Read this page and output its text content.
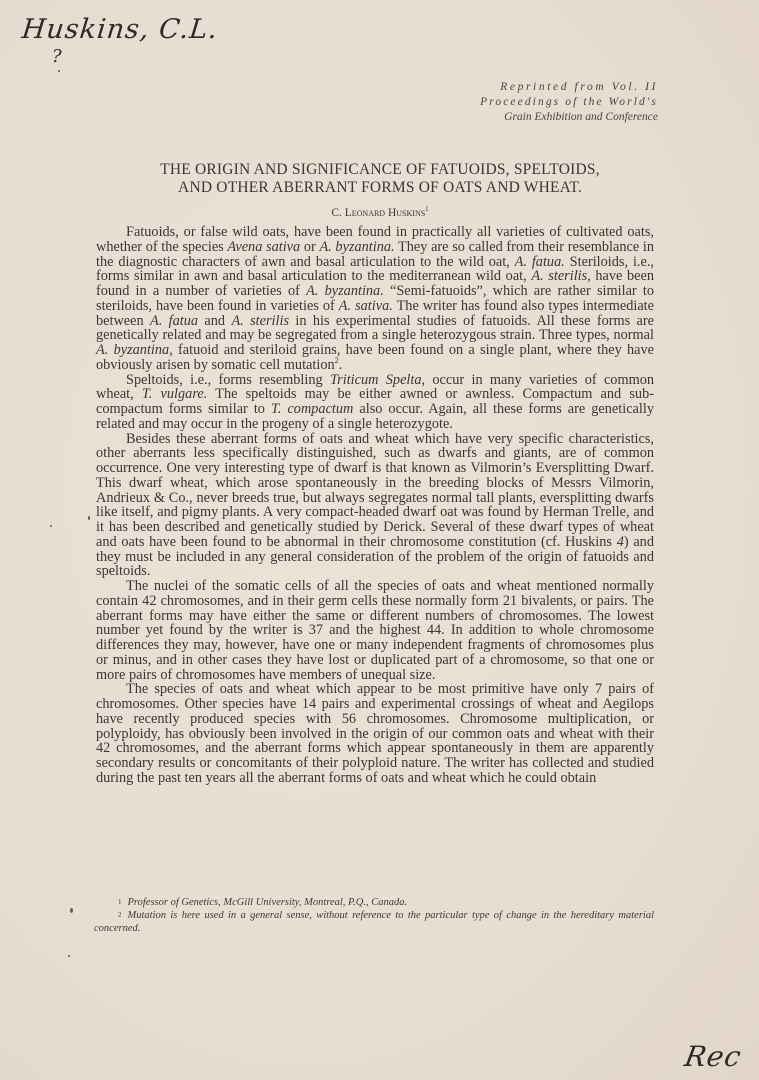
Huskins, C.L.
?
Reprinted from Vol. II
Proceedings of the World's
Grain Exhibition and Conference
THE ORIGIN AND SIGNIFICANCE OF FATUOIDS, SPELTOIDS,
AND OTHER ABERRANT FORMS OF OATS AND WHEAT.
C. Leonard Huskins$^1$

Fatuoids, or false wild oats, have been found in practically all varieties of cultivated oats, whether of the species Avena sativa or A. byzantina. They are so called from their resemblance in the diagnostic characters of awn and basal articulation to the wild oat, A. fatua. Steriloids, i.e., forms similar in awn and basal articulation to the mediterranean wild oat, A. sterilis, have been found in a number of varieties of A. byzantina. “Semi-fatuoids”, which are rather similar to steriloids, have been found in varieties of A. sativa. The writer has found also types intermediate between A. fatua and A. sterilis in his experimental studies of fatuoids. All these forms are genetically related and may be segregated from a single heterozygous strain. Three types, normal A. byzantina, fatuoid and steriloid grains, have been found on a single plant, where they have obviously arisen by somatic cell mutation$^2$.

Speltoids, i.e., forms resembling Triticum Spelta, occur in many varieties of common wheat, T. vulgare. The speltoids may be either awned or awnless. Compactum and sub-compactum forms similar to T. compactum also occur. Again, all these forms are genetically related and may occur in the progeny of a single heterozygote.

Besides these aberrant forms of oats and wheat which have very specific characteristics, other aberrants less specifically distinguished, such as dwarfs and giants, are of common occurrence. One very interesting type of dwarf is that known as Vilmorin’s Eversplitting Dwarf. This dwarf wheat, which arose spontaneously in the breeding blocks of Messrs Vilmorin, Andrieux & Co., never breeds true, but always segregates normal tall plants, eversplitting dwarfs like itself, and pigmy plants. A very compact-headed dwarf oat was found by Herman Trelle, and it has been described and genetically studied by Derick. Several of these dwarf types of wheat and oats have been found to be abnormal in their chromosome constitution (cf. Huskins 4) and they must be included in any general consideration of the problem of the origin of fatuoids and speltoids.

The nuclei of the somatic cells of all the species of oats and wheat mentioned normally contain 42 chromosomes, and in their germ cells these normally form 21 bivalents, or pairs. The aberrant forms may have either the same or different numbers of chromosomes. The lowest number yet found by the writer is 37 and the highest 44. In addition to whole chromosome differences they may, however, have one or many independent fragments of chromosomes plus or minus, and in other cases they have lost or duplicated part of a chromosome, so that one or more pairs of chromosomes have members of unequal size.

The species of oats and wheat which appear to be most primitive have only 7 pairs of chromosomes. Other species have 14 pairs and experimental crossings of wheat and Aegilops have recently produced species with 56 chromosomes. Chromosome multiplication, or polyploidy, has obviously been involved in the origin of our common oats and wheat with their 42 chromosomes, and the aberrant forms which appear spontaneously in them are apparently secondary results or concomitants of their polyploid nature. The writer has collected and studied during the past ten years all the aberrant forms of oats and wheat which he could obtain

$^1$ Professor of Genetics, McGill University, Montreal, P.Q., Canada.

$^2$ Mutation is here used in a general sense, without reference to the particular type of change in the hereditary material concerned.

Rec
